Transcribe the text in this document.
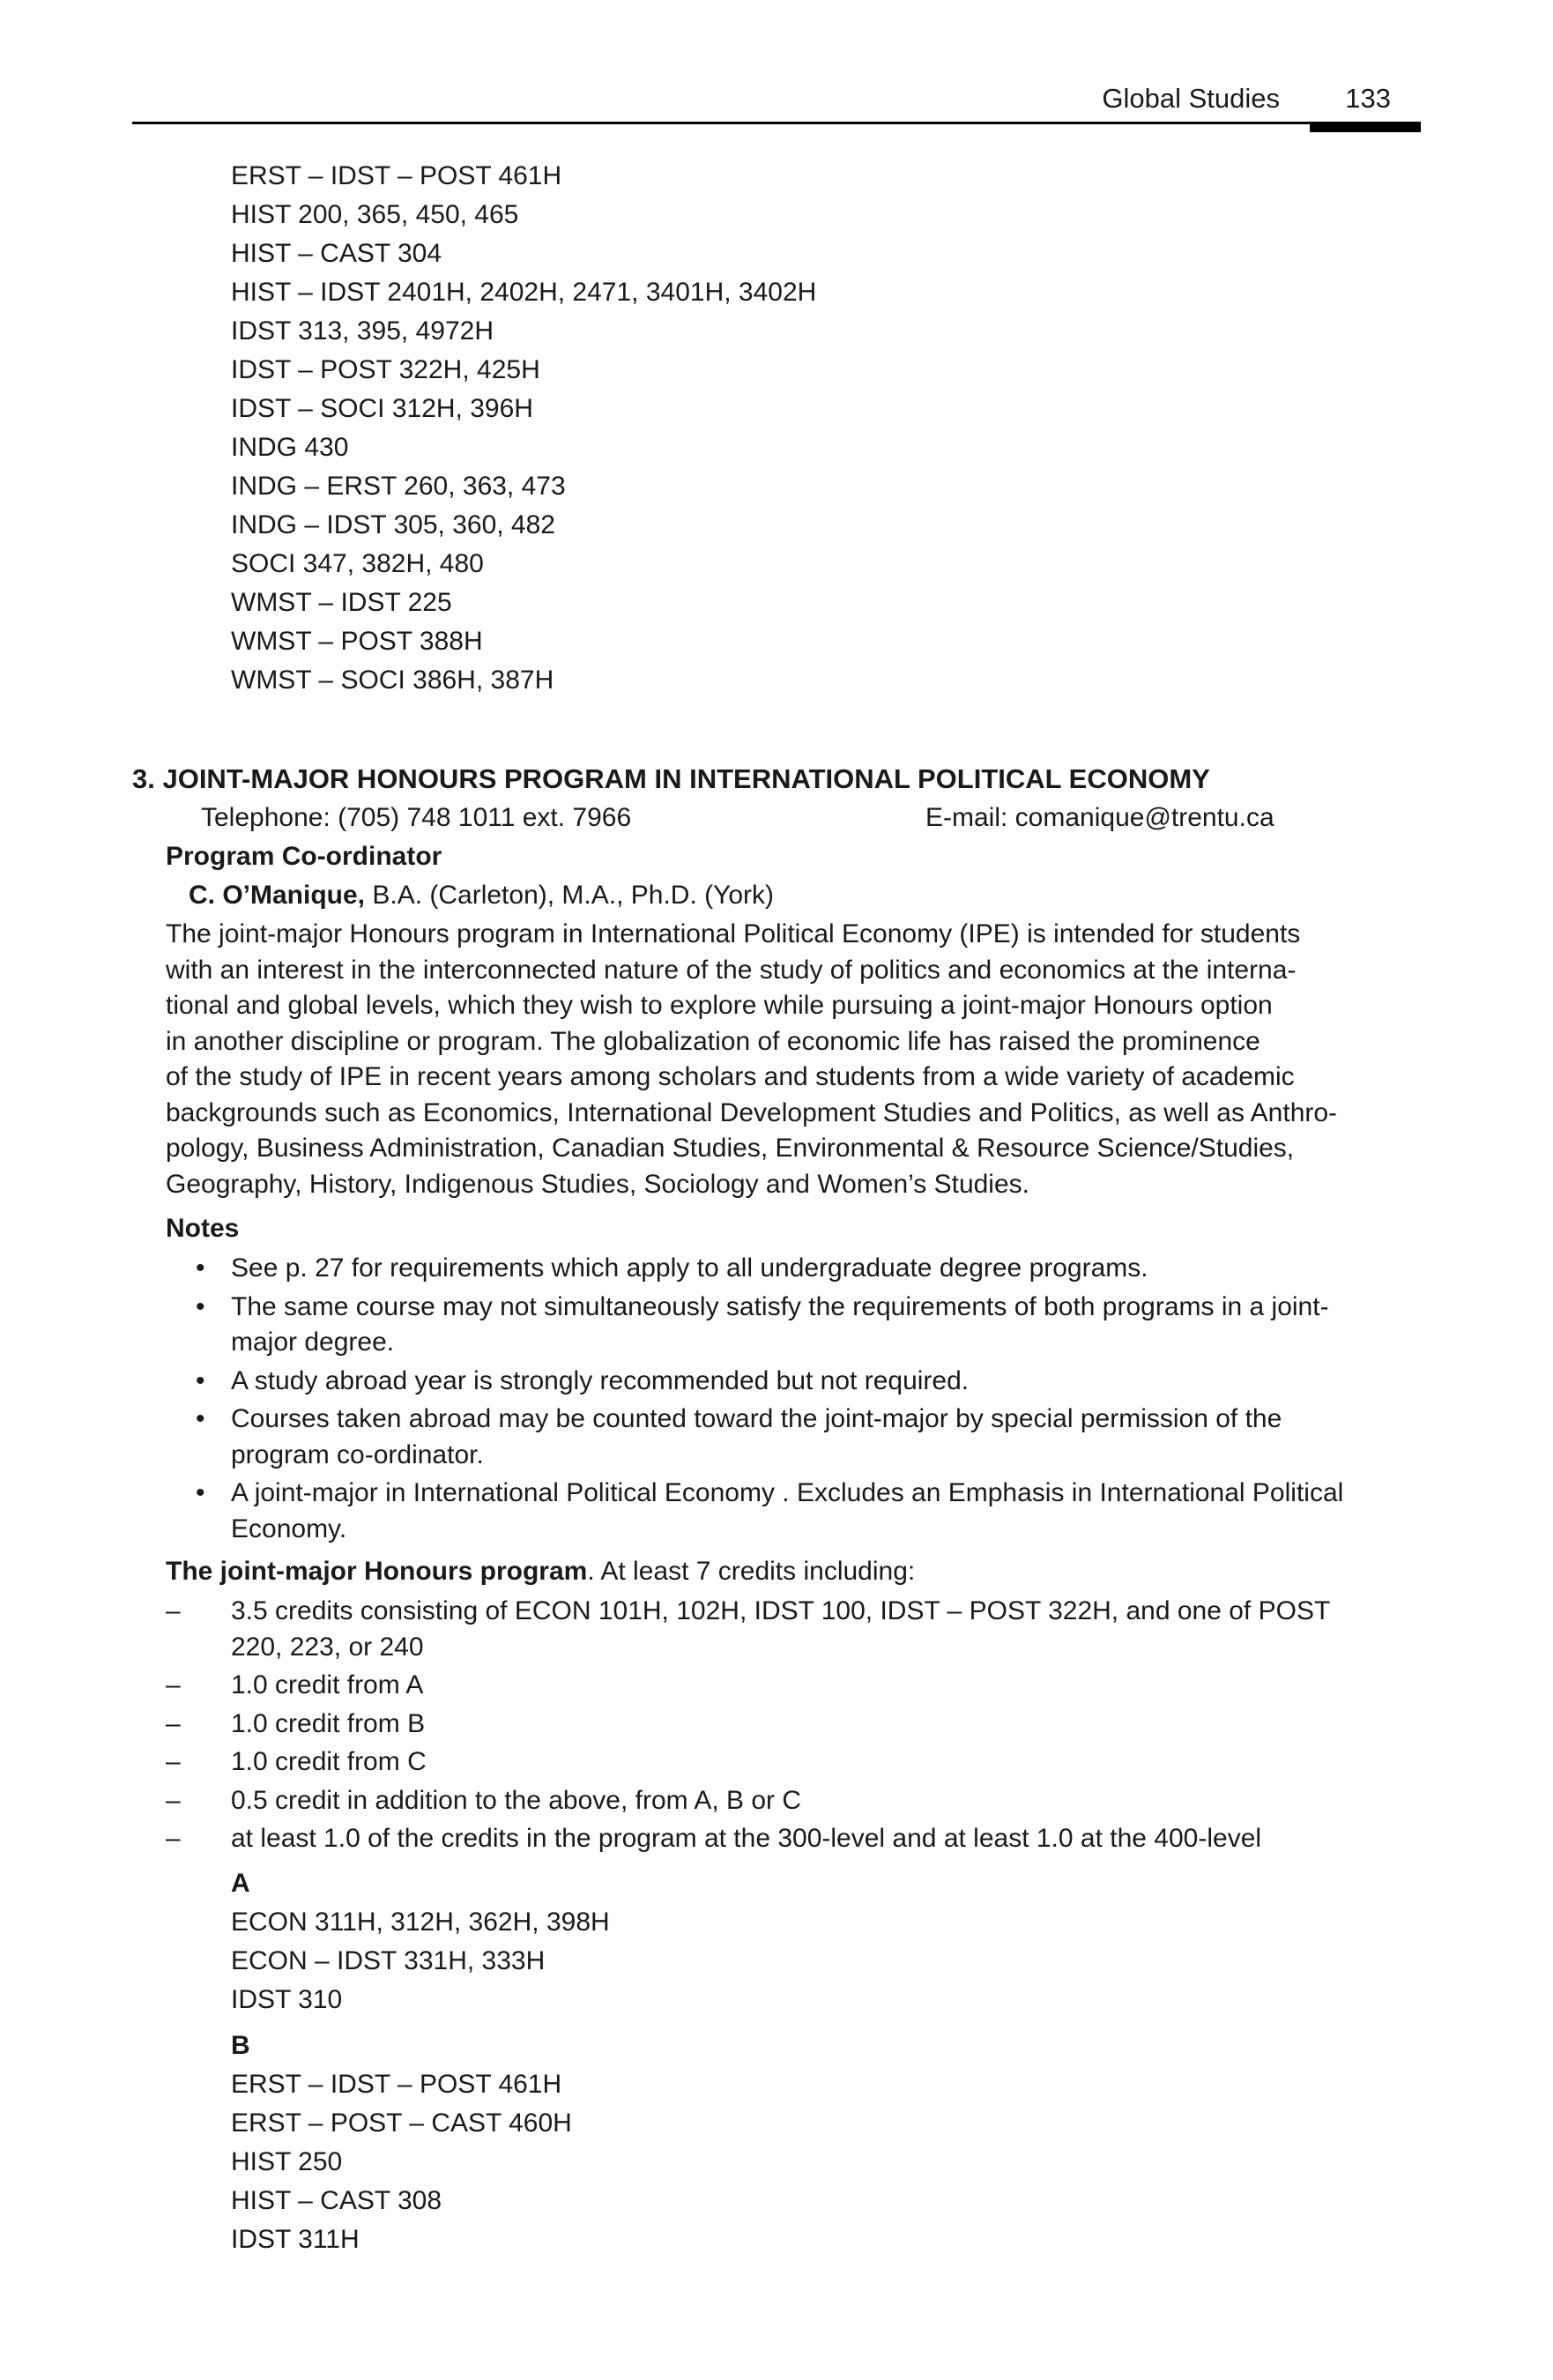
Global Studies 133
ERST – IDST – POST 461H
HIST 200, 365, 450, 465
HIST – CAST 304
HIST – IDST 2401H, 2402H, 2471, 3401H, 3402H
IDST 313, 395, 4972H
IDST – POST 322H, 425H
IDST – SOCI 312H, 396H
INDG 430
INDG – ERST 260, 363, 473
INDG – IDST 305, 360, 482
SOCI 347, 382H, 480
WMST – IDST 225
WMST – POST 388H
WMST – SOCI 386H, 387H
3. JOINT-MAJOR HONOURS PROGRAM IN INTERNATIONAL POLITICAL ECONOMY
Telephone: (705) 748 1011 ext. 7966	E-mail: comanique@trentu.ca
Program Co-ordinator
C. O’Manique, B.A. (Carleton), M.A., Ph.D. (York)
The joint-major Honours program in International Political Economy (IPE) is intended for students
with an interest in the interconnected nature of the study of politics and economics at the interna-
tional and global levels, which they wish to explore while pursuing a joint-major Honours option
in another discipline or program. The globalization of economic life has raised the prominence
of the study of IPE in recent years among scholars and students from a wide variety of academic
backgrounds such as Economics, International Development Studies and Politics, as well as Anthro-
pology, Business Administration, Canadian Studies, Environmental & Resource Science/Studies,
Geography, History, Indigenous Studies, Sociology and Women’s Studies.
Notes
• See p. 27 for requirements which apply to all undergraduate degree programs.
• The same course may not simultaneously satisfy the requirements of both programs in a joint-
major degree.
• A study abroad year is strongly recommended but not required.
• Courses taken abroad may be counted toward the joint-major by special permission of the
program co-ordinator.
• A joint-major in International Political Economy . Excludes an Emphasis in International Political
Economy.
The joint-major Honours program. At least 7 credits including:
– 3.5 credits consisting of ECON 101H, 102H, IDST 100, IDST – POST 322H, and one of POST
220, 223, or 240
– 1.0 credit from A
– 1.0 credit from B
– 1.0 credit from C
– 0.5 credit in addition to the above, from A, B or C
– at least 1.0 of the credits in the program at the 300-level and at least 1.0 at the 400-level
A
ECON 311H, 312H, 362H, 398H
ECON – IDST 331H, 333H
IDST 310
B
ERST – IDST – POST 461H
ERST – POST – CAST 460H
HIST 250
HIST – CAST 308
IDST 311H
